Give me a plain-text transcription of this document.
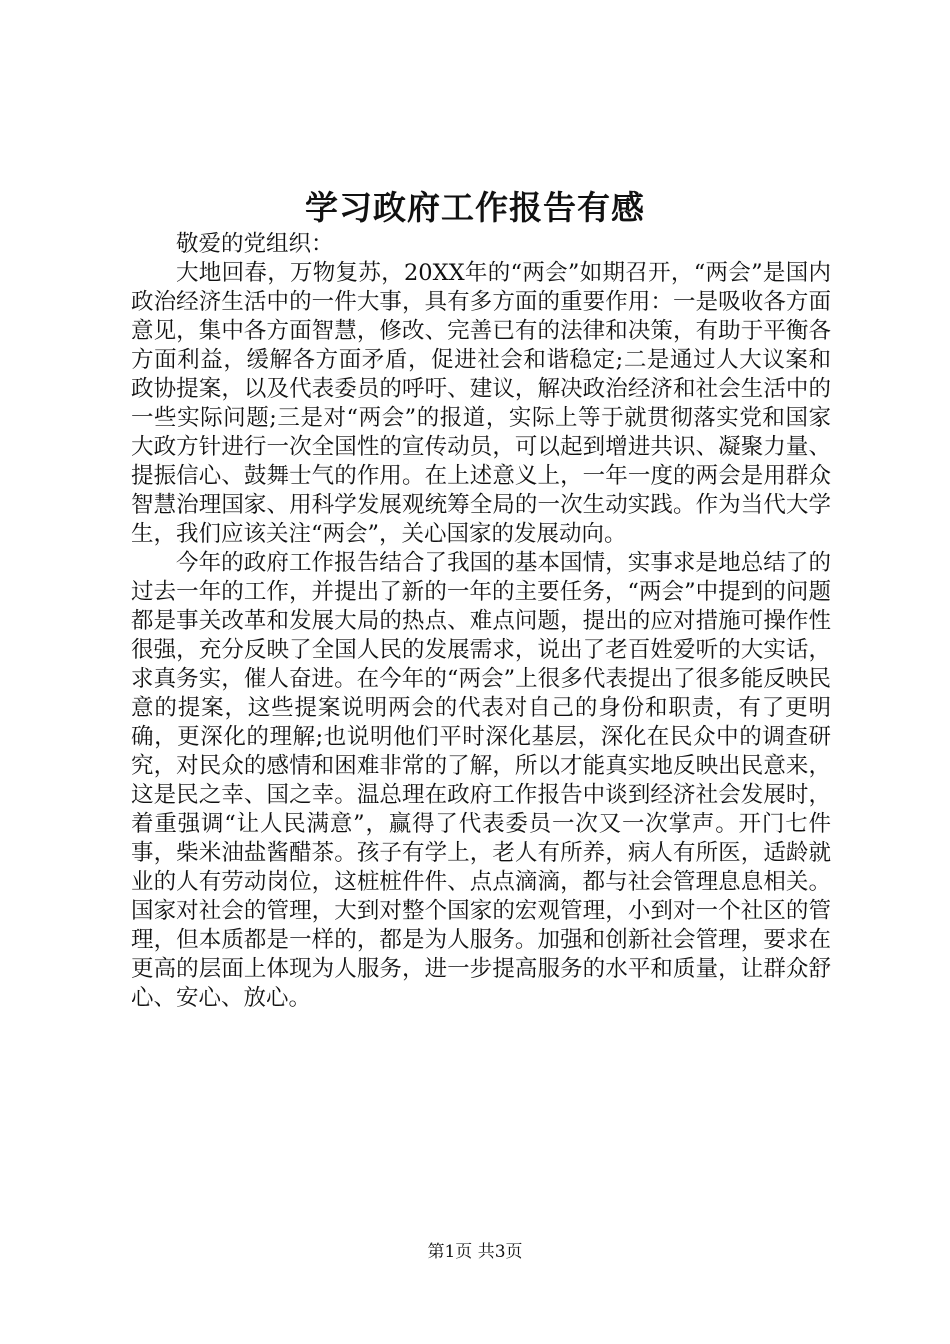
学习政府工作报告有感

敬爱的党组织：

大地回春，万物复苏，20XX年的“两会”如期召开，“两会”是国内政治经济生活中的一件大事，具有多方面的重要作用：一是吸收各方面意见，集中各方面智慧，修改、完善已有的法律和决策，有助于平衡各方面利益，缓解各方面矛盾，促进社会和谐稳定;二是通过人大议案和政协提案，以及代表委员的呼吁、建议，解决政治经济和社会生活中的一些实际问题;三是对“两会”的报道，实际上等于就贯彻落实党和国家大政方针进行一次全国性的宣传动员，可以起到增进共识、凝聚力量、提振信心、鼓舞士气的作用。在上述意义上，一年一度的两会是用群众智慧治理国家、用科学发展观统筹全局的一次生动实践。作为当代大学生，我们应该关注“两会”，关心国家的发展动向。

今年的政府工作报告结合了我国的基本国情，实事求是地总结了的过去一年的工作，并提出了新的一年的主要任务，“两会”中提到的问题都是事关改革和发展大局的热点、难点问题，提出的应对措施可操作性很强，充分反映了全国人民的发展需求，说出了老百姓爱听的大实话，求真务实，催人奋进。在今年的“两会”上很多代表提出了很多能反映民意的提案，这些提案说明两会的代表对自己的身份和职责，有了更明确，更深化的理解;也说明他们平时深化基层，深化在民众中的调查研究，对民众的感情和困难非常的了解，所以才能真实地反映出民意来，这是民之幸、国之幸。温总理在政府工作报告中谈到经济社会发展时，着重强调“让人民满意”，赢得了代表委员一次又一次掌声。开门七件事，柴米油盐酱醋茶。孩子有学上，老人有所养，病人有所医，适龄就业的人有劳动岗位，这桩桩件件、点点滴滴，都与社会管理息息相关。国家对社会的管理，大到对整个国家的宏观管理，小到对一个社区的管理，但本质都是一样的，都是为人服务。加强和创新社会管理，要求在更高的层面上体现为人服务，进一步提高服务的水平和质量，让群众舒心、安心、放心。

第1页 共3页
